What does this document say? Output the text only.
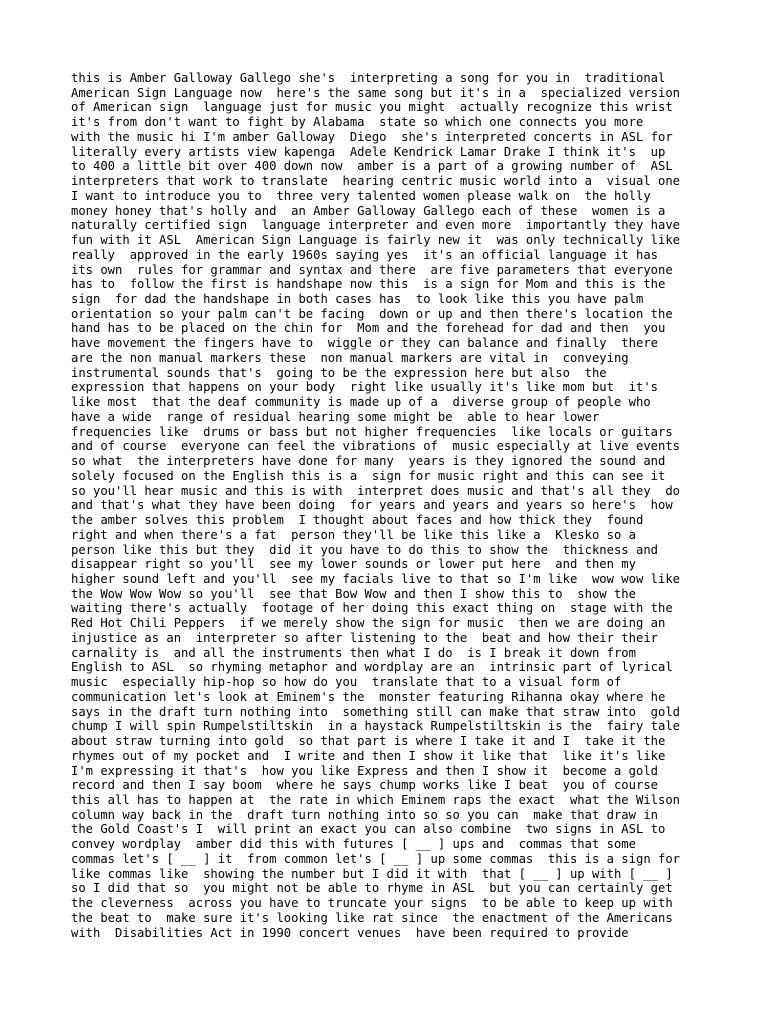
this is Amber Galloway Gallego she's  interpreting a song for you in  traditional
American Sign Language now  here's the same song but it's in a  specialized version
of American sign  language just for music you might  actually recognize this wrist
it's from don't want to fight by Alabama  state so which one connects you more
with the music hi I'm amber Galloway  Diego  she's interpreted concerts in ASL for
literally every artists view kapenga  Adele Kendrick Lamar Drake I think it's  up
to 400 a little bit over 400 down now  amber is a part of a growing number of  ASL
interpreters that work to translate  hearing centric music world into a  visual one
I want to introduce you to  three very talented women please walk on  the holly
money honey that's holly and  an Amber Galloway Gallego each of these  women is a
naturally certified sign  language interpreter and even more  importantly they have
fun with it ASL  American Sign Language is fairly new it  was only technically like
really  approved in the early 1960s saying yes  it's an official language it has
its own  rules for grammar and syntax and there  are five parameters that everyone
has to  follow the first is handshape now this  is a sign for Mom and this is the
sign  for dad the handshape in both cases has  to look like this you have palm
orientation so your palm can't be facing  down or up and then there's location the
hand has to be placed on the chin for  Mom and the forehead for dad and then  you
have movement the fingers have to  wiggle or they can balance and finally  there
are the non manual markers these  non manual markers are vital in  conveying
instrumental sounds that's  going to be the expression here but also  the
expression that happens on your body  right like usually it's like mom but  it's
like most  that the deaf community is made up of a  diverse group of people who
have a wide  range of residual hearing some might be  able to hear lower
frequencies like  drums or bass but not higher frequencies  like locals or guitars
and of course  everyone can feel the vibrations of  music especially at live events
so what  the interpreters have done for many  years is they ignored the sound and
solely focused on the English this is a  sign for music right and this can see it
so you'll hear music and this is with  interpret does music and that's all they  do
and that's what they have been doing  for years and years and years so here's  how
the amber solves this problem  I thought about faces and how thick they  found
right and when there's a fat  person they'll be like this like a  Klesko so a
person like this but they  did it you have to do this to show the  thickness and
disappear right so you'll  see my lower sounds or lower put here  and then my
higher sound left and you'll  see my facials live to that so I'm like  wow wow like
the Wow Wow Wow so you'll  see that Bow Wow and then I show this to  show the
waiting there's actually  footage of her doing this exact thing on  stage with the
Red Hot Chili Peppers  if we merely show the sign for music  then we are doing an
injustice as an  interpreter so after listening to the  beat and how their their
carnality is  and all the instruments then what I do  is I break it down from
English to ASL  so rhyming metaphor and wordplay are an  intrinsic part of lyrical
music  especially hip-hop so how do you  translate that to a visual form of
communication let's look at Eminem's the  monster featuring Rihanna okay where he
says in the draft turn nothing into  something still can make that straw into  gold
chump I will spin Rumpelstiltskin  in a haystack Rumpelstiltskin is the  fairy tale
about straw turning into gold  so that part is where I take it and I  take it the
rhymes out of my pocket and  I write and then I show it like that  like it's like
I'm expressing it that's  how you like Express and then I show it  become a gold
record and then I say boom  where he says chump works like I beat  you of course
this all has to happen at  the rate in which Eminem raps the exact  what the Wilson
column way back in the  draft turn nothing into so so you can  make that draw in
the Gold Coast's I  will print an exact you can also combine  two signs in ASL to
convey wordplay  amber did this with futures [ __ ] ups and  commas that some
commas let's [ __ ] it  from common let's [ __ ] up some commas  this is a sign for
like commas like  showing the number but I did it with  that [ __ ] up with [ __ ]
so I did that so  you might not be able to rhyme in ASL  but you can certainly get
the cleverness  across you have to truncate your signs  to be able to keep up with
the beat to  make sure it's looking like rat since  the enactment of the Americans
with  Disabilities Act in 1990 concert venues  have been required to provide
